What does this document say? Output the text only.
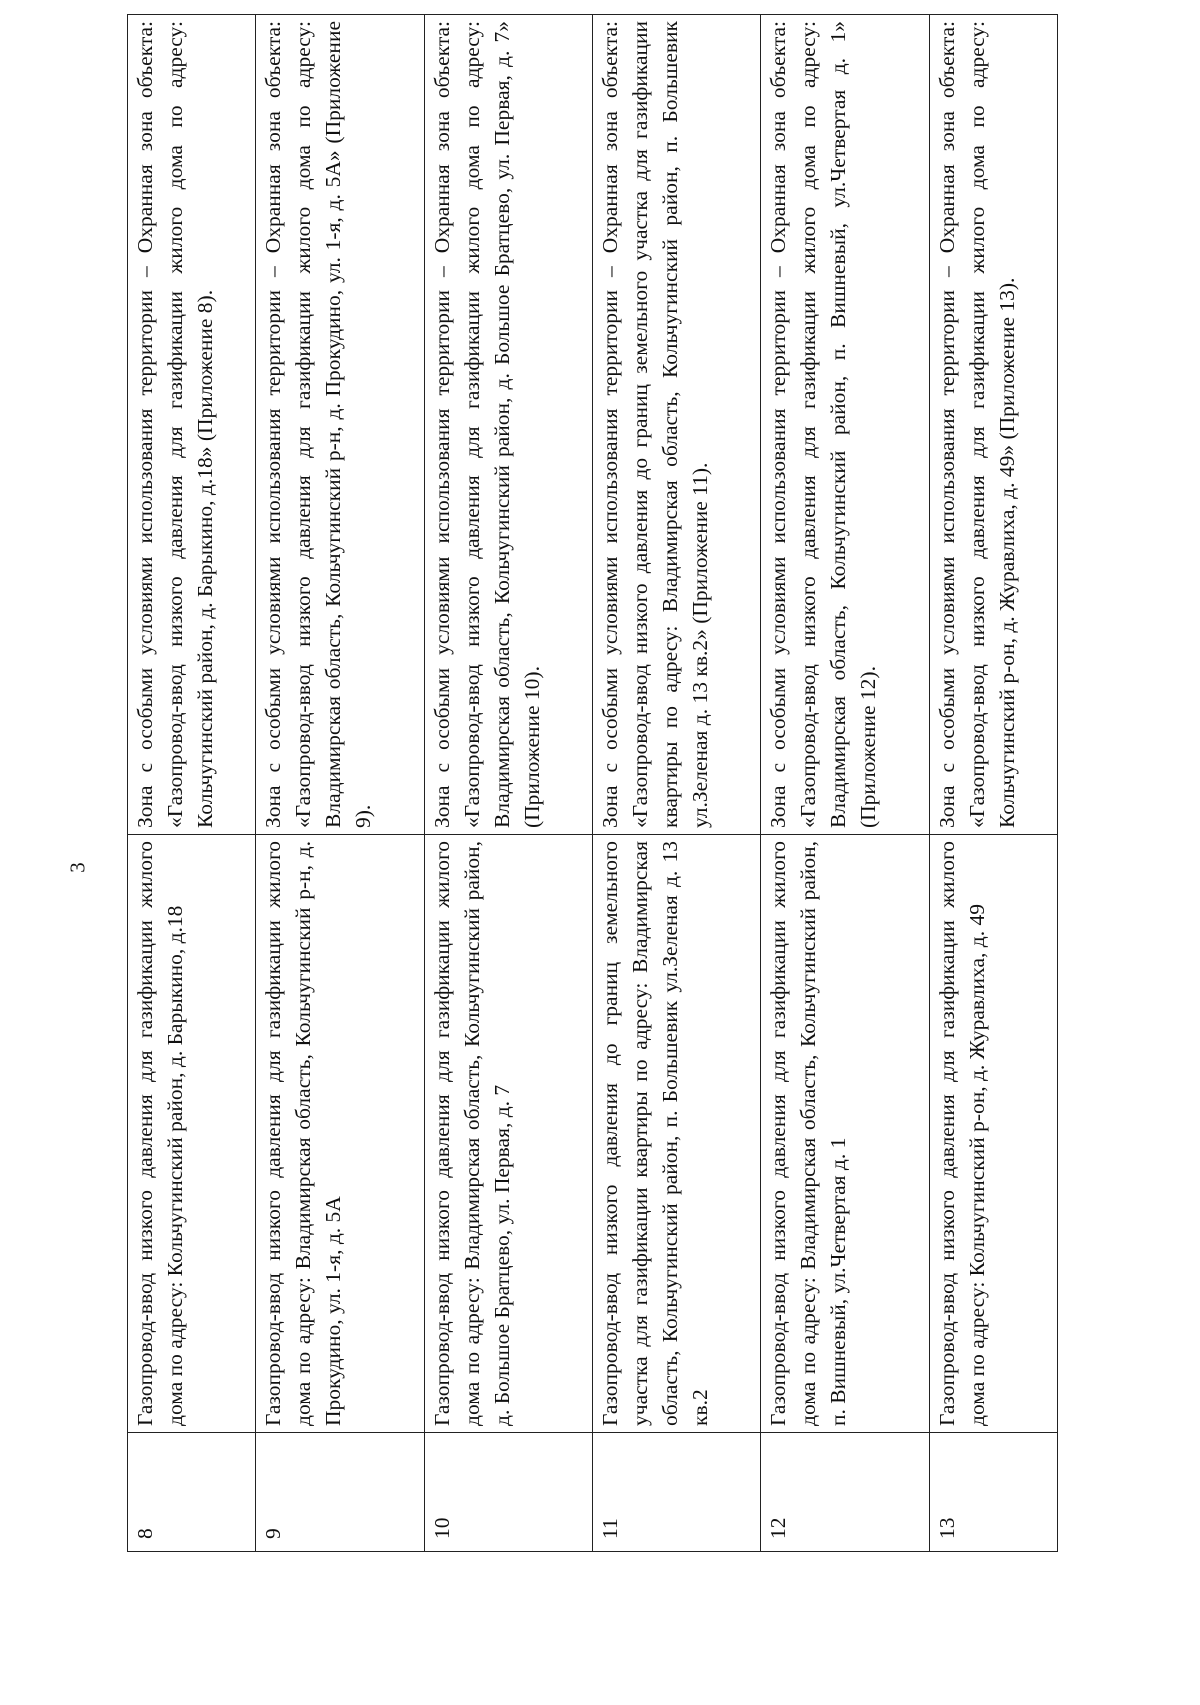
3
8	Газопровод-ввод низкого давления для газификации жилого дома по адресу: Кольчугинский район, д. Барыкино, д.18	Зона с особыми условиями использования территории – Охранная зона объекта: «Газопровод-ввод низкого давления для газификации жилого дома по адресу: Кольчугинский район, д. Барыкино, д.18» (Приложение 8).
9	Газопровод-ввод низкого давления для газификации жилого дома по адресу: Владимирская область, Кольчугинский р-н, д. Прокудино, ул. 1-я, д. 5А	Зона с особыми условиями использования территории – Охранная зона объекта: «Газопровод-ввод низкого давления для газификации жилого дома по адресу: Владимирская область, Кольчугинский р-н, д. Прокудино, ул. 1-я, д. 5А» (Приложение 9).
10	Газопровод-ввод низкого давления для газификации жилого дома по адресу: Владимирская область, Кольчугинский район, д. Большое Братцево, ул. Первая, д. 7	Зона с особыми условиями использования территории – Охранная зона объекта: «Газопровод-ввод низкого давления для газификации жилого дома по адресу: Владимирская область, Кольчугинский район, д. Большое Братцево, ул. Первая, д. 7» (Приложение 10).
11	Газопровод-ввод низкого давления до границ земельного участка для газификации квартиры по адресу: Владимирская область, Кольчугинский район, п. Большевик ул.Зеленая д. 13 кв.2	Зона с особыми условиями использования территории – Охранная зона объекта: «Газопровод-ввод низкого давления до границ земельного участка для газификации квартиры по адресу: Владимирская область, Кольчугинский район, п. Большевик ул.Зеленая д. 13 кв.2» (Приложение 11).
12	Газопровод-ввод низкого давления для газификации жилого дома по адресу: Владимирская область, Кольчугинский район, п. Вишневый, ул.Четвертая д. 1	Зона с особыми условиями использования территории – Охранная зона объекта: «Газопровод-ввод низкого давления для газификации жилого дома по адресу: Владимирская область, Кольчугинский район, п. Вишневый, ул.Четвертая д. 1» (Приложение 12).
13	Газопровод-ввод низкого давления для газификации жилого дома по адресу: Кольчугинский р-он, д. Журавлиха, д. 49	Зона с особыми условиями использования территории – Охранная зона объекта: «Газопровод-ввод низкого давления для газификации жилого дома по адресу: Кольчугинский р-он, д. Журавлиха, д. 49» (Приложение 13).
